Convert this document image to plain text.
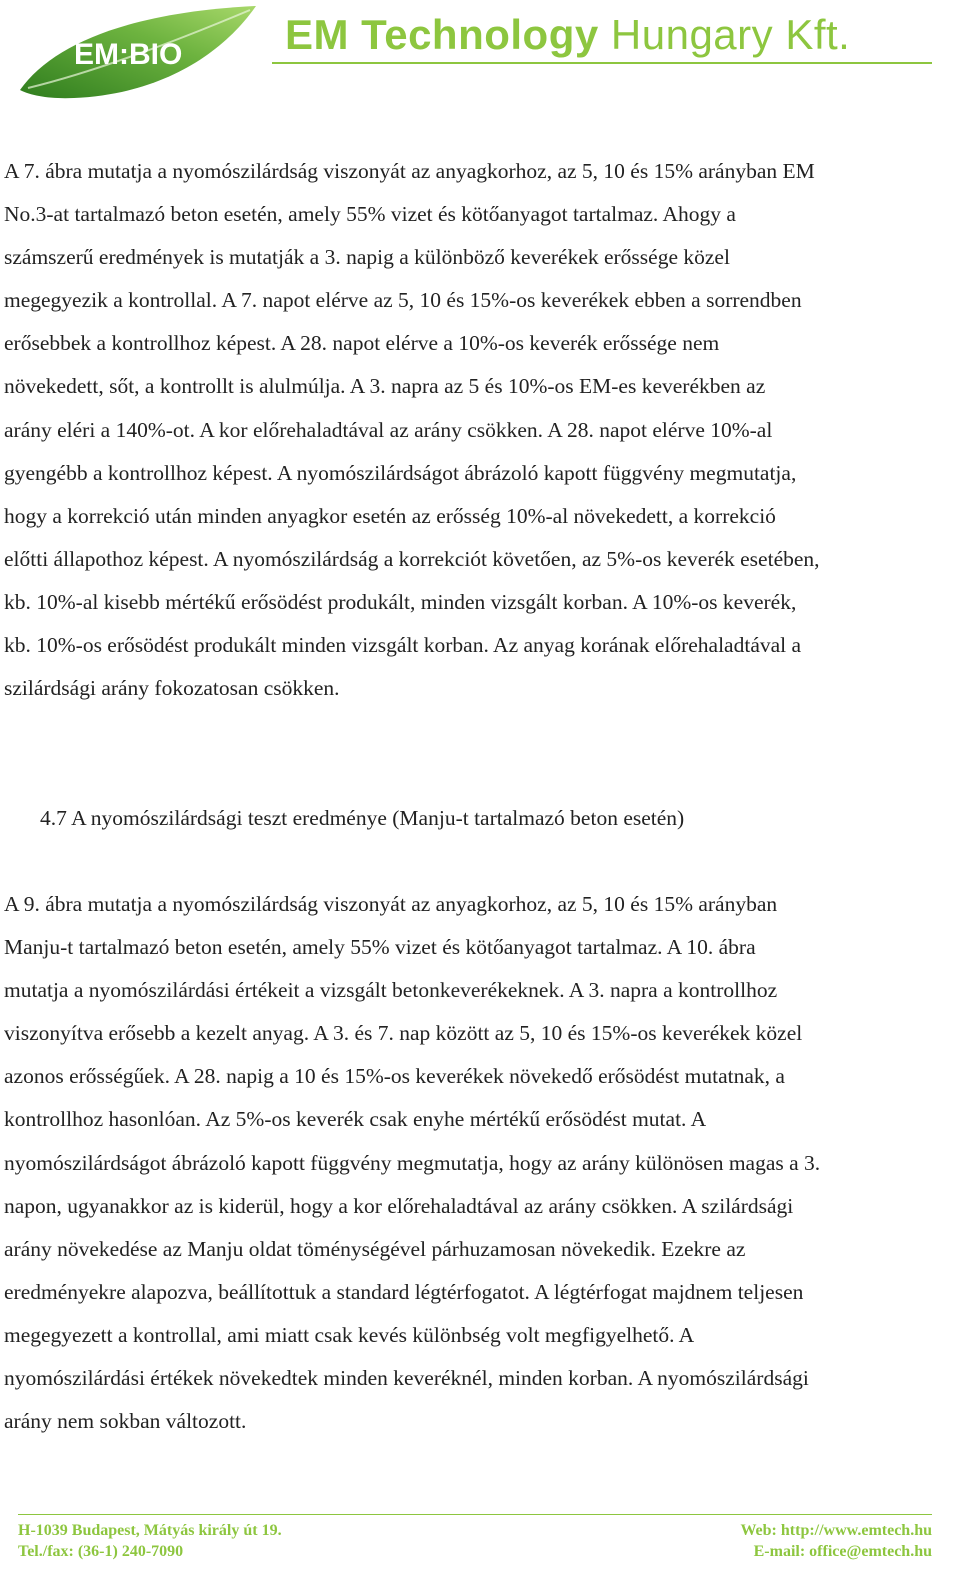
EM:BIO EM Technology Hungary Kft.
A 7. ábra mutatja a nyomószilárdság viszonyát az anyagkorhoz, az 5, 10 és 15% arányban EM
No.3-at tartalmazó beton esetén, amely 55% vizet és kötőanyagot tartalmaz. Ahogy a
számszerű eredmények is mutatják a 3. napig a különböző keverékek erőssége közel
megegyezik a kontrollal. A 7. napot elérve az 5, 10 és 15%-os keverékek ebben a sorrendben
erősebbek a kontrollhoz képest. A 28. napot elérve a 10%-os keverék erőssége nem
növekedett, sőt, a kontrollt is alulmúlja. A 3. napra az 5 és 10%-os EM-es keverékben az
arány eléri a 140%-ot. A kor előrehaladtával az arány csökken. A 28. napot elérve 10%-al
gyengébb a kontrollhoz képest. A nyomószilárdságot ábrázoló kapott függvény megmutatja,
hogy a korrekció után minden anyagkor esetén az erősség 10%-al növekedett, a korrekció
előtti állapothoz képest. A nyomószilárdság a korrekciót követően, az 5%-os keverék esetében,
kb. 10%-al kisebb mértékű erősödést produkált, minden vizsgált korban. A 10%-os keverék,
kb. 10%-os erősödést produkált minden vizsgált korban. Az anyag korának előrehaladtával a
szilárdsági arány fokozatosan csökken.
4.7 A nyomószilárdsági teszt eredménye (Manju-t tartalmazó beton esetén)
A 9. ábra mutatja a nyomószilárdság viszonyát az anyagkorhoz, az 5, 10 és 15% arányban
Manju-t tartalmazó beton esetén, amely 55% vizet és kötőanyagot tartalmaz. A 10. ábra
mutatja a nyomószilárdási értékeit a vizsgált betonkeverékeknek. A 3. napra a kontrollhoz
viszonyítva erősebb a kezelt anyag. A 3. és 7. nap között az 5, 10 és 15%-os keverékek közel
azonos erősségűek. A 28. napig a 10 és 15%-os keverékek növekedő erősödést mutatnak, a
kontrollhoz hasonlóan. Az 5%-os keverék csak enyhe mértékű erősödést mutat. A
nyomószilárdságot ábrázoló kapott függvény megmutatja, hogy az arány különösen magas a 3.
napon, ugyanakkor az is kiderül, hogy a kor előrehaladtával az arány csökken. A szilárdsági
arány növekedése az Manju oldat töménységével párhuzamosan növekedik. Ezekre az
eredményekre alapozva, beállítottuk a standard légtérfogatot. A légtérfogat majdnem teljesen
megegyezett a kontrollal, ami miatt csak kevés különbség volt megfigyelhető. A
nyomószilárdási értékek növekedtek minden keveréknél, minden korban. A nyomószilárdsági
arány nem sokban változott.
H-1039 Budapest, Mátyás király út 19.
Tel./fax: (36-1) 240-7090
Web: http://www.emtech.hu
E-mail: office@emtech.hu
